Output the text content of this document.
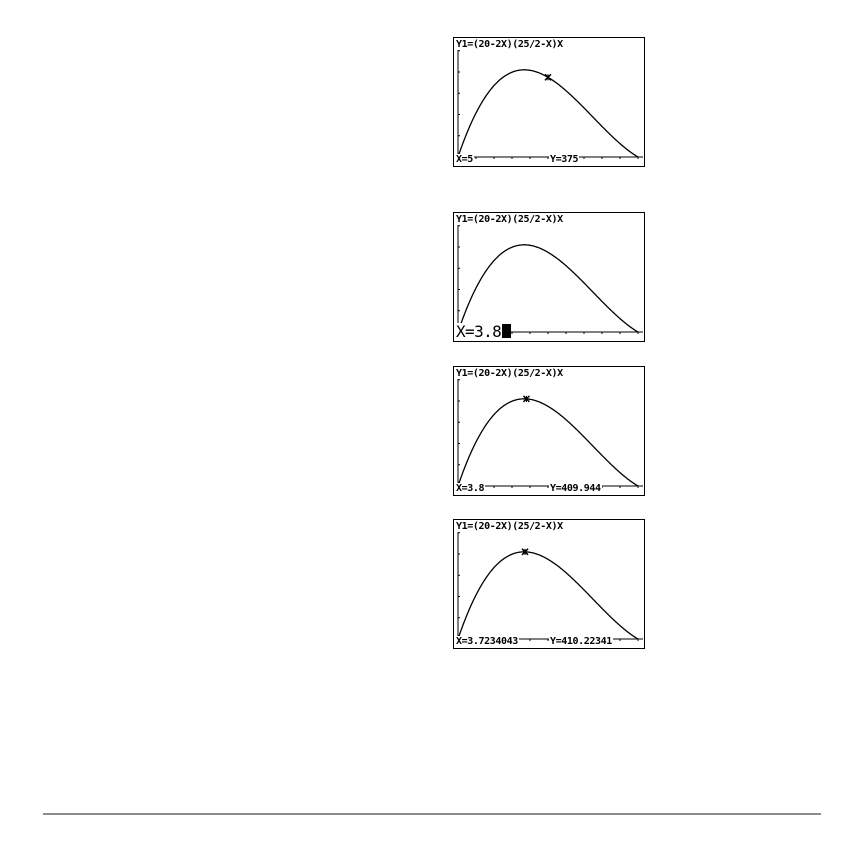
Y1=(20-2X)(25/2-X)X
X=5	Y=375
Y1=(20-2X)(25/2-X)X
X=3.8
Y1=(20-2X)(25/2-X)X
X=3.8	Y=409.944
Y1=(20-2X)(25/2-X)X
X=3.7234043	Y=410.22341
